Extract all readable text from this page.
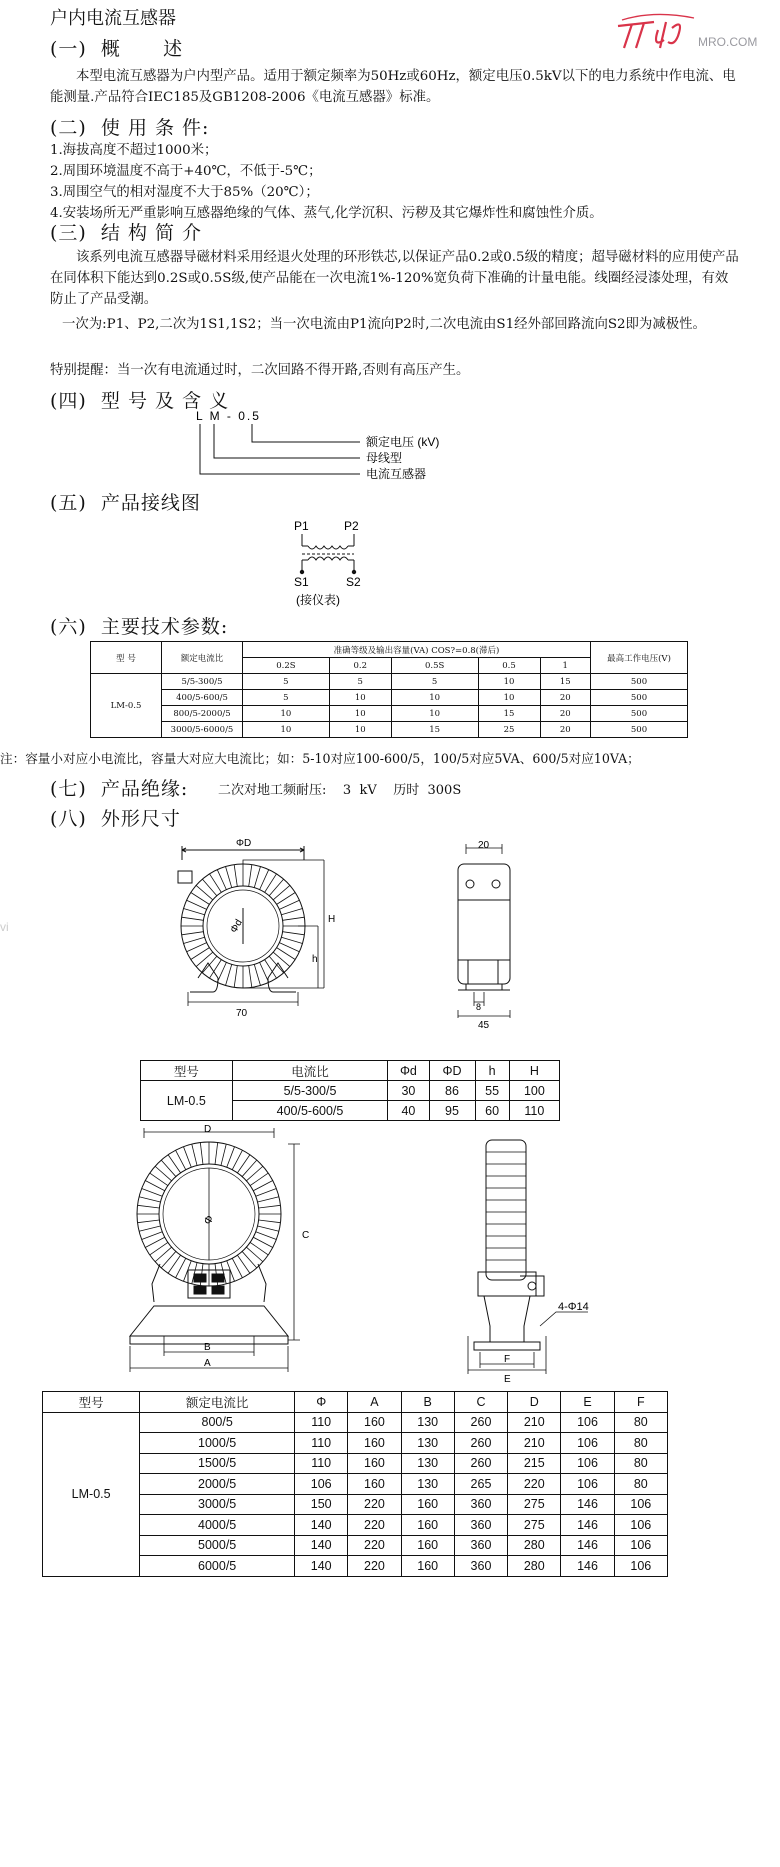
户内电流互感器
MRO.COM
(一)  概      述
本型电流互感器为户内型产品。适用于额定频率为50Hz或60Hz，额定电压0.5kV以下的电力系统中作电流、电能测量.产品符合IEC185及GB1208-2006《电流互感器》标准。
(二)  使 用 条 件:

1.海拔高度不超过1000米；

2.周围环境温度不高于+40℃，不低于-5℃；

3.周围空气的相对湿度不大于85%（20℃）；

4.安装场所无严重影响互感器绝缘的气体、蒸气,化学沉积、污秽及其它爆炸性和腐蚀性介质。

(三)  结 构 简 介
该系列电流互感器导磁材料采用经退火处理的环形铁芯,以保证产品0.2或0.5级的精度；超导磁材料的应用使产品在同体积下能达到0.2S或0.5S级,使产品能在一次电流1%-120%宽负荷下准确的计量电能。线圈经浸漆处理，有效防止了产品受潮。
一次为:P1、P2,二次为1S1,1S2；当一次电流由P1流向P2时,二次电流由S1经外部回路流向S2即为减极性。
特别提醒：当一次有电流通过时，二次回路不得开路,否则有高压产生。
(四)  型 号 及 含 义
L M - 0.5
额定电压 (kV)
母线型
电流互感器
(五)  产品接线图
P1	P2
S1	S2
(接仪表)
(六)  主要技术参数:
型 号	额定电流比	准确等级及输出容量(VA) COS?=0.8(滞后)					最高工作电压(V)
		0.2S	0.2	0.5S	0.5	1	
LM-0.5	5/5-300/5	5	5	5	10	15	500
	400/5-600/5	5	10	10	10	20	500
	800/5-2000/5	10	10	10	15	20	500
	3000/5-6000/5	10	10	15	25	20	500
注：容量小对应小电流比，容量大对应大电流比；如：5-10对应100-600/5，100/5对应5VA、600/5对应10VA；
vi
(七)  产品绝缘: 二次对地工频耐压:    3  kV    历时  300S
(八)  外形尺寸
ΦD
Φd	H
h
70
20
8
45
型号	电流比	Φd	ΦD	h	H
LM-0.5	5/5-300/5	30	86	55	100
	400/5-600/5	40	95	60	110
D
Φ
C
B
A
4-Φ14
F
E
型号	额定电流比	Φ	A	B	C	D	E	F
LM-0.5	800/5	110	160	130	260	210	106	80
	1000/5	110	160	130	260	210	106	80
	1500/5	110	160	130	260	215	106	80
	2000/5	106	160	130	265	220	106	80
	3000/5	150	220	160	360	275	146	106
	4000/5	140	220	160	360	275	146	106
	5000/5	140	220	160	360	280	146	106
	6000/5	140	220	160	360	280	146	106
